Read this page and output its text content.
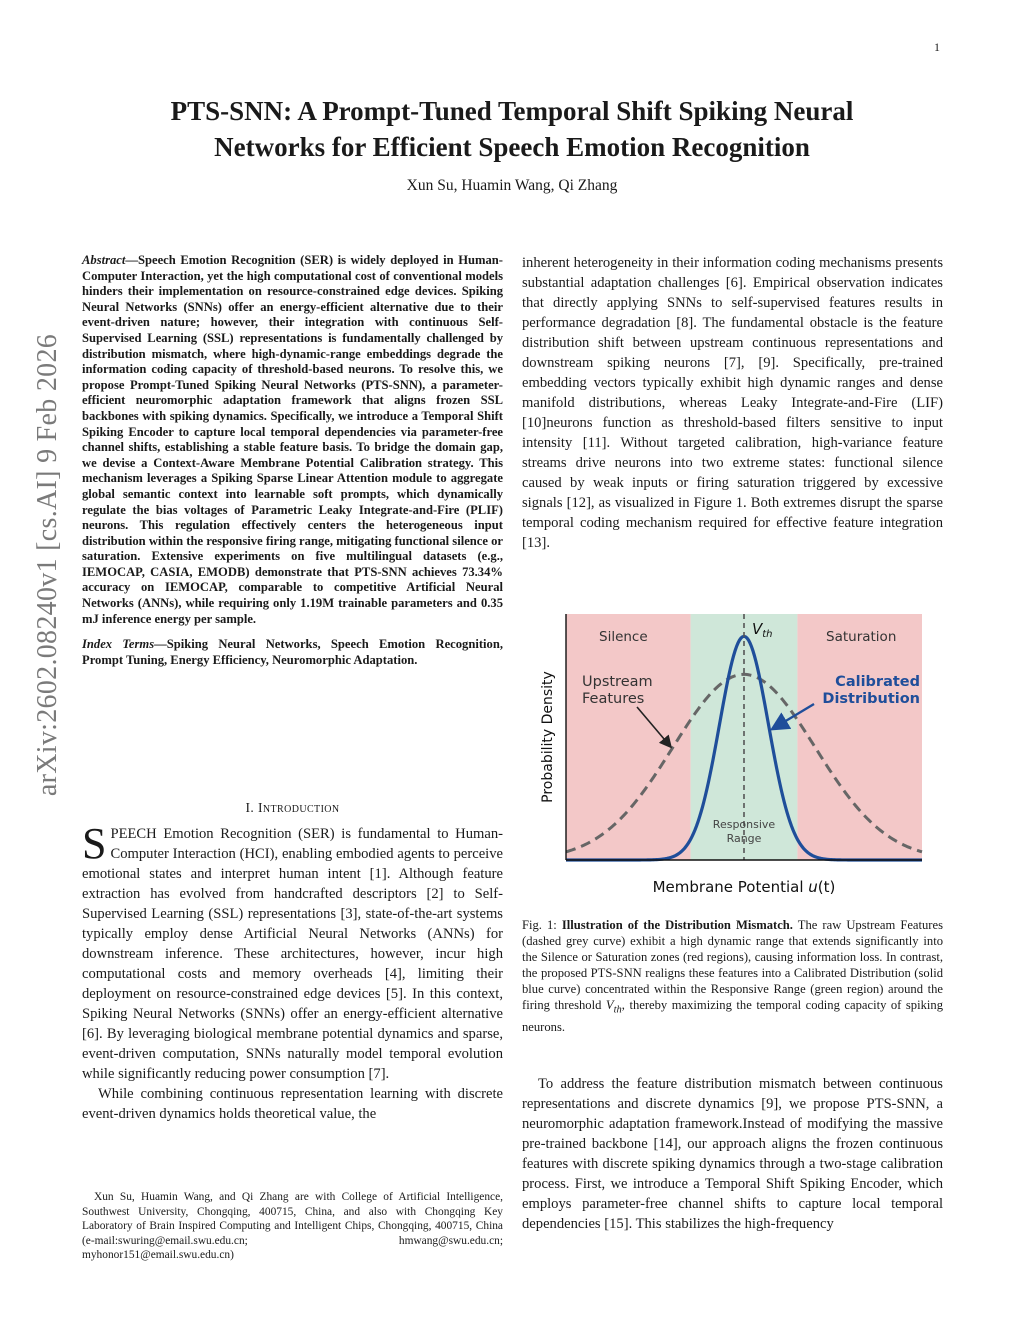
1
arXiv:2602.08240v1 [cs.AI] 9 Feb 2026
PTS-SNN: A Prompt-Tuned Temporal Shift Spiking Neural
Networks for Efficient Speech Emotion Recognition
Xun Su, Huamin Wang, Qi Zhang

Abstract—Speech Emotion Recognition (SER) is widely deployed in Human-Computer Interaction, yet the high computational cost of conventional models hinders their implementation on resource-constrained edge devices. Spiking Neural Networks (SNNs) offer an energy-efficient alternative due to their event-driven nature; however, their integration with continuous Self-Supervised Learning (SSL) representations is fundamentally challenged by distribution mismatch, where high-dynamic-range embeddings degrade the information coding capacity of threshold-based neurons. To resolve this, we propose Prompt-Tuned Spiking Neural Networks (PTS-SNN), a parameter-efficient neuromorphic adaptation framework that aligns frozen SSL backbones with spiking dynamics. Specifically, we introduce a Temporal Shift Spiking Encoder to capture local temporal dependencies via parameter-free channel shifts, establishing a stable feature basis. To bridge the domain gap, we devise a Context-Aware Membrane Potential Calibration strategy. This mechanism leverages a Spiking Sparse Linear Attention module to aggregate global semantic context into learnable soft prompts, which dynamically regulate the bias voltages of Parametric Leaky Integrate-and-Fire (PLIF) neurons. This regulation effectively centers the heterogeneous input distribution within the responsive firing range, mitigating functional silence or saturation. Extensive experiments on five multilingual datasets (e.g., IEMOCAP, CASIA, EMODB) demonstrate that PTS-SNN achieves 73.34% accuracy on IEMOCAP, comparable to competitive Artificial Neural Networks (ANNs), while requiring only 1.19M trainable parameters and 0.35 mJ inference energy per sample.

Index Terms—Spiking Neural Networks, Speech Emotion Recognition, Prompt Tuning, Energy Efficiency, Neuromorphic Adaptation.

I. Introduction

SPEECH Emotion Recognition (SER) is fundamental to Human-Computer Interaction (HCI), enabling embodied agents to perceive emotional states and interpret human intent [1]. Although feature extraction has evolved from handcrafted descriptors [2] to Self-Supervised Learning (SSL) representations [3], state-of-the-art systems typically employ dense Artificial Neural Networks (ANNs) for downstream inference. These architectures, however, incur high computational costs and memory overheads [4], limiting their deployment on resource-constrained edge devices [5]. In this context, Spiking Neural Networks (SNNs) offer an energy-efficient alternative [6]. By leveraging biological membrane potential dynamics and sparse, event-driven computation, SNNs naturally model temporal evolution while significantly reducing power consumption [7].

While combining continuous representation learning with discrete event-driven dynamics holds theoretical value, the

Xun Su, Huamin Wang, and Qi Zhang are with College of Artificial Intelligence, Southwest University, Chongqing, 400715, China, and also with Chongqing Key Laboratory of Brain Inspired Computing and Intelligent Chips, Chongqing, 400715, China (e-mail:swuring@email.swu.edu.cn; hmwang@swu.edu.cn; myhonor151@email.swu.edu.cn)

inherent heterogeneity in their information coding mechanisms presents substantial adaptation challenges [6]. Empirical observation indicates that directly applying SNNs to self-supervised features results in performance degradation [8]. The fundamental obstacle is the feature distribution shift between upstream continuous representations and downstream spiking neurons [7], [9]. Specifically, pre-trained embedding vectors typically exhibit high dynamic ranges and dense manifold distributions, whereas Leaky Integrate-and-Fire (LIF) [10]neurons function as threshold-based filters sensitive to input intensity [11]. Without targeted calibration, high-variance feature streams drive neurons into two extreme states: functional silence caused by weak inputs or firing saturation triggered by excessive signals [12], as visualized in Figure 1. Both extremes disrupt the sparse temporal coding mechanism required for effective feature integration [13].

Silence	Saturation
Upstream
Features
Calibrated
Distribution
Responsive
Range
$V_{th}$
Membrane Potential u(t)
Probability Density

Fig. 1: Illustration of the Distribution Mismatch. The raw Upstream Features (dashed grey curve) exhibit a high dynamic range that extends significantly into the Silence or Saturation zones (red regions), causing information loss. In contrast, the proposed PTS-SNN realigns these features into a Calibrated Distribution (solid blue curve) concentrated within the Responsive Range (green region) around the firing threshold $V_{th}$, thereby maximizing the temporal coding capacity of spiking neurons.

To address the feature distribution mismatch between continuous representations and discrete dynamics [9], we propose PTS-SNN, a neuromorphic adaptation framework.Instead of modifying the massive pre-trained backbone [14], our approach aligns the frozen continuous features with discrete spiking dynamics through a two-stage calibration process. First, we introduce a Temporal Shift Spiking Encoder, which employs parameter-free channel shifts to capture local temporal dependencies [15]. This stabilizes the high-frequency
